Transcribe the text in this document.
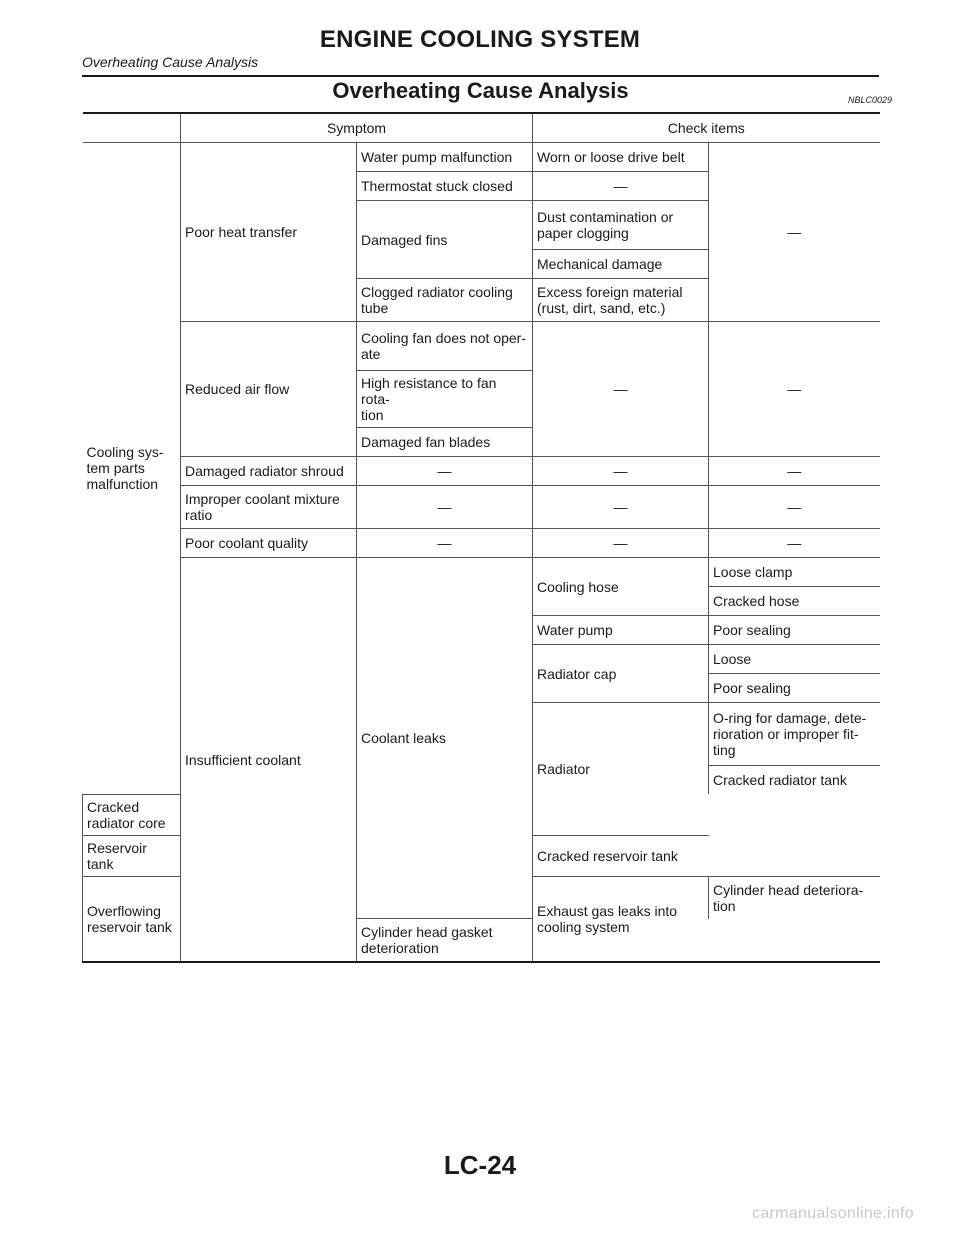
ENGINE COOLING SYSTEM
Overheating Cause Analysis
Overheating Cause Analysis	NBLC0029
	Symptom		Check items	
Cooling sys-
tem parts
malfunction	Poor heat transfer	Water pump malfunction	Worn or loose drive belt	—
		Thermostat stuck closed	—	
		Damaged fins	Dust contamination or
paper clogging	
			Mechanical damage	
		Clogged radiator cooling
tube	Excess foreign material
(rust, dirt, sand, etc.)	
	Reduced air flow	Cooling fan does not oper-
ate	—	—
		High resistance to fan rota-
tion		
		Damaged fan blades		
	Damaged radiator shroud	—	—	—
	Improper coolant mixture
ratio	—	—	—
	Poor coolant quality	—	—	—
	Insufficient coolant	Coolant leaks	Cooling hose	Loose clamp
				Cracked hose
			Water pump	Poor sealing
			Radiator cap	Loose
				Poor sealing
			Radiator	O-ring for damage, dete-
rioration or improper fit-
ting
				Cracked radiator tank
Cracked radiator core				
Reservoir tank			Cracked reservoir tank	
Overflowing reservoir tank			Exhaust gas leaks into
cooling system	Cylinder head deteriora-
tion
		Cylinder head gasket
deterioration		
LC-24
carmanualsonline.info
